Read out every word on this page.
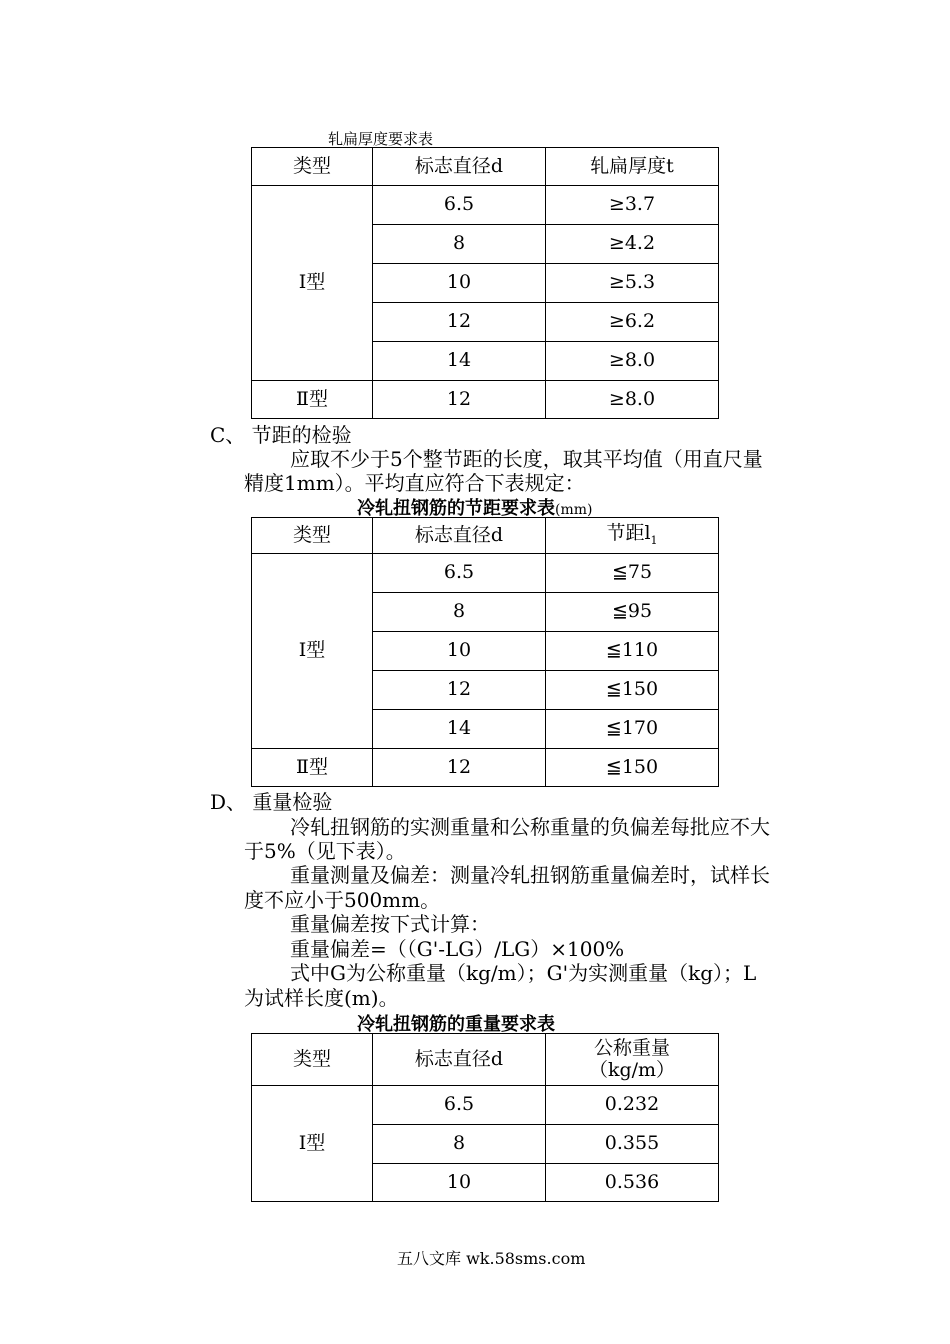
轧扁厚度要求表
类型	标志直径d	轧扁厚度t
Ⅰ型	6.5	≥3.7
	8	≥4.2
	10	≥5.3
	12	≥6.2
	14	≥8.0
Ⅱ型	12	≥8.0
C、 节距的检验
应取不少于5个整节距的长度，取其平均值（用直尺量
精度1mm）。平均直应符合下表规定：
冷轧扭钢筋的节距要求表(mm)
类型	标志直径d	节距$l_1$
Ⅰ型	6.5	≦75
	8	≦95
	10	≦110
	12	≦150
	14	≦170
Ⅱ型	12	≦150
D、 重量检验
冷轧扭钢筋的实测重量和公称重量的负偏差每批应不大
于5%（见下表）。
重量测量及偏差：测量冷轧扭钢筋重量偏差时，试样长
度不应小于500mm。
重量偏差按下式计算：
重量偏差=（（G'-LG）/LG）×100%
式中G为公称重量（kg/m）；G'为实测重量（kg）；L
为试样长度(m)。
冷轧扭钢筋的重量要求表
类型	标志直径d	公称重量
（kg/m）

Ⅰ型	6.5	0.232
	8	0.355
	10	0.536
五八文库 wk.58sms.com
